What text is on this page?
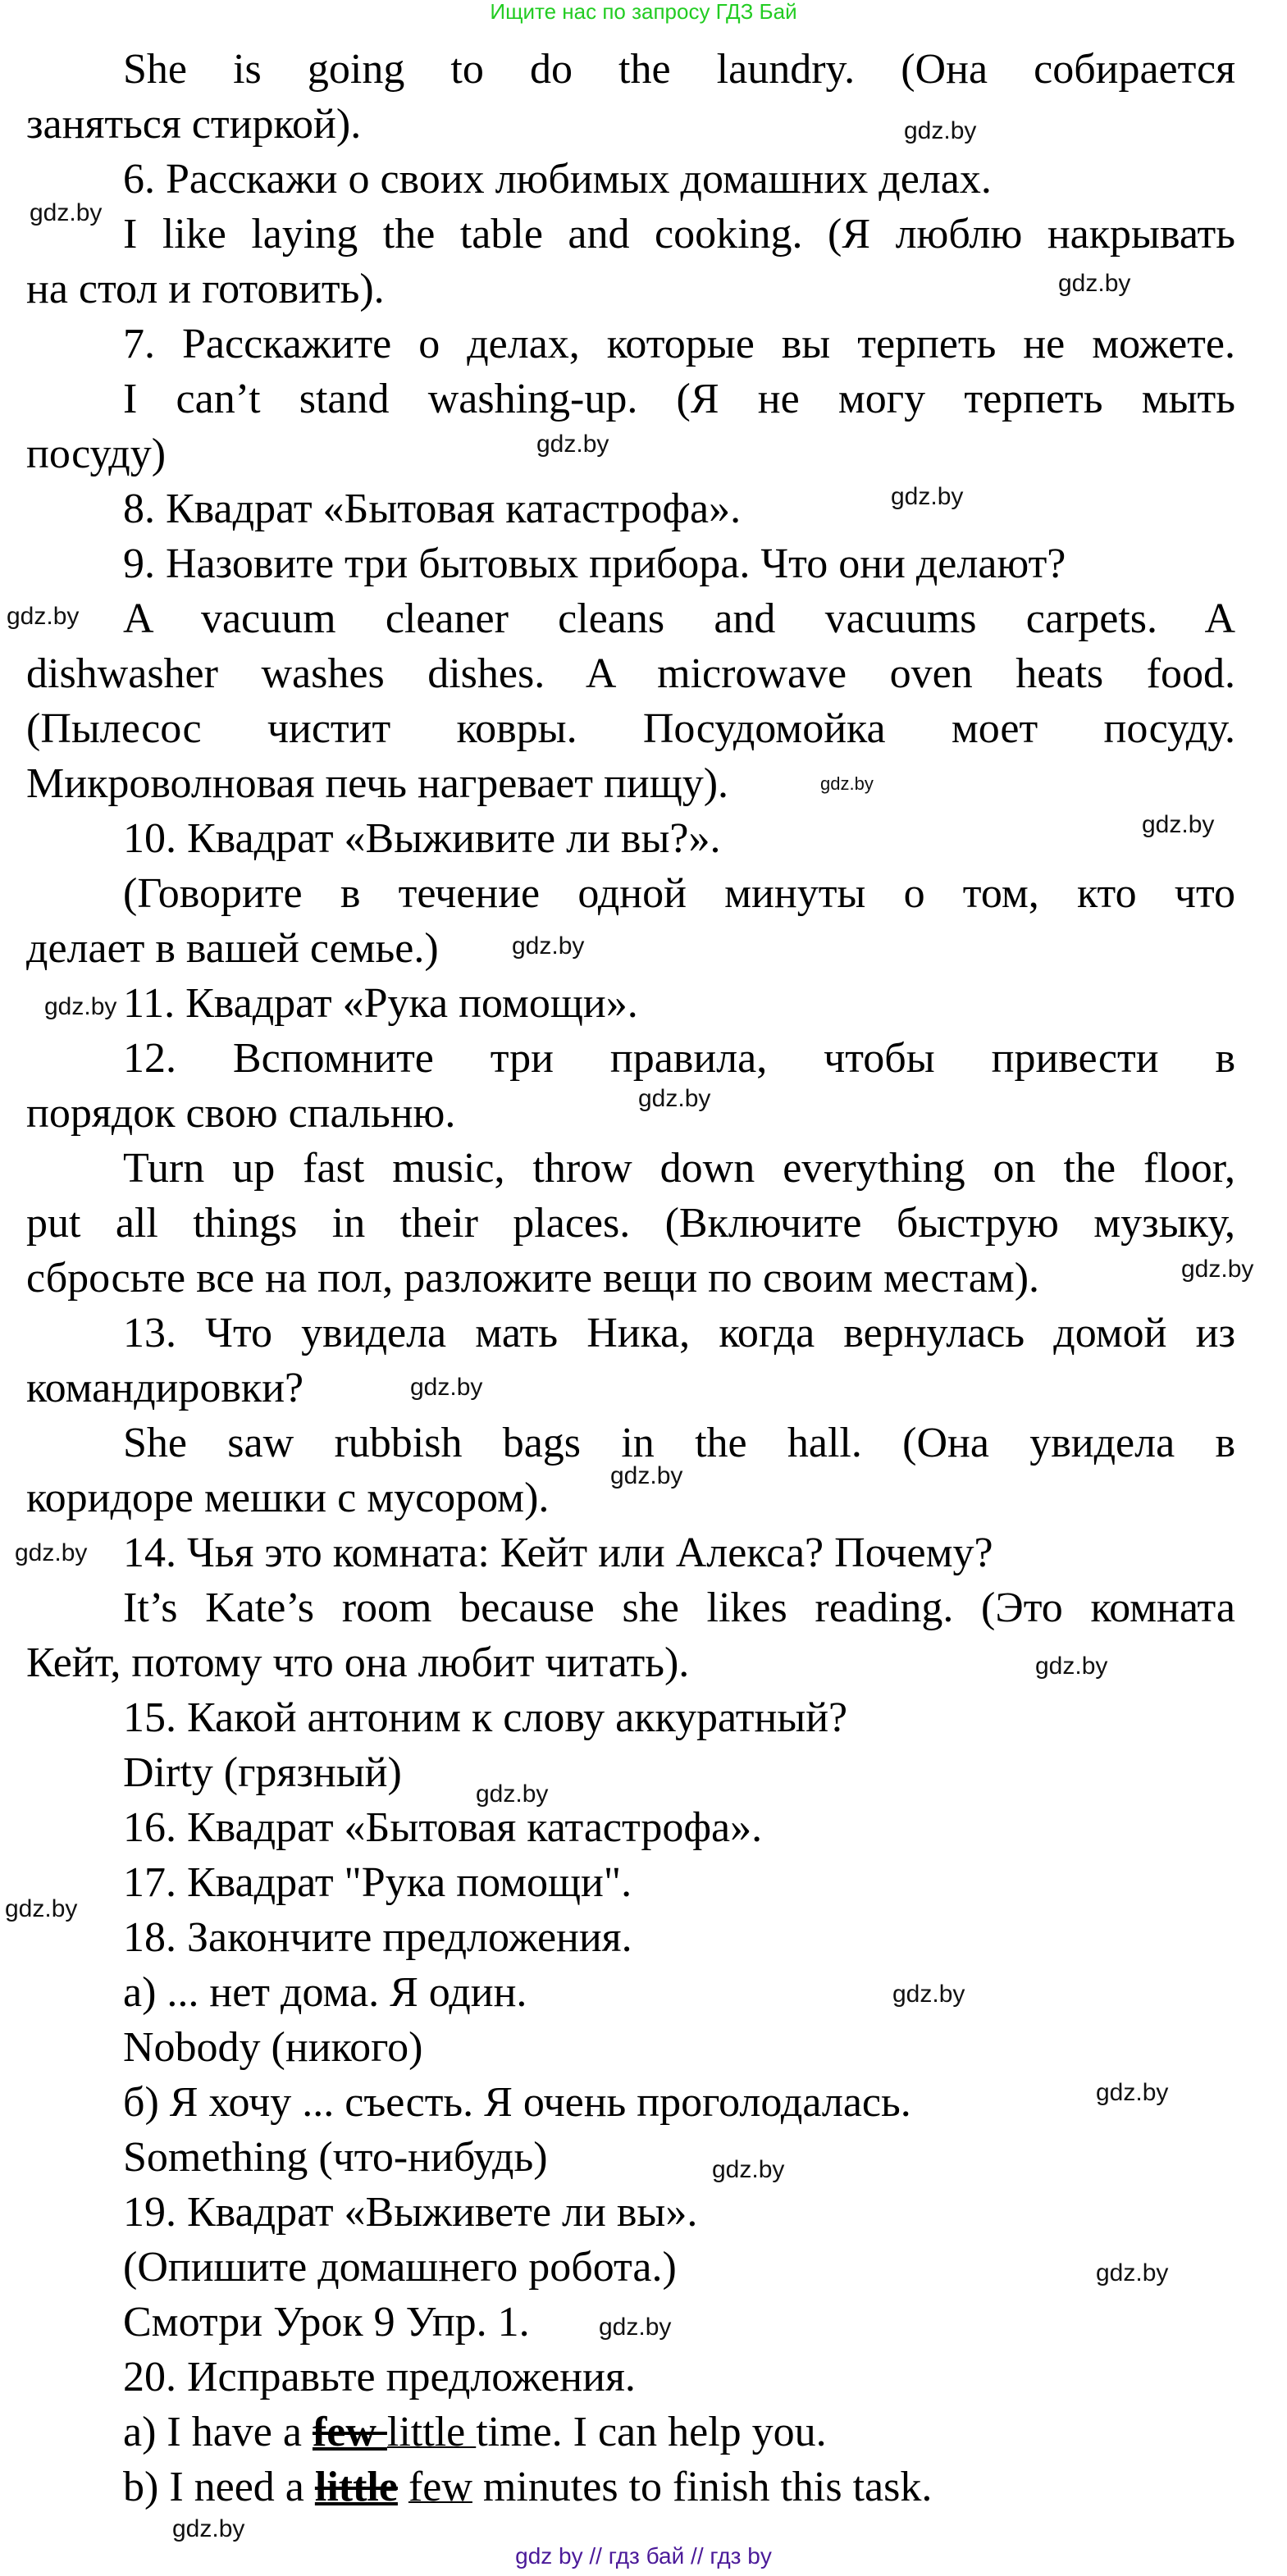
Ищите нас по запросу ГДЗ Бай
She is going to do the laundry. (Она собирается
заняться стиркой).
6. Расскажи о своих любимых домашних делах.
I like laying the table and cooking. (Я люблю накрывать
на стол и готовить).
7. Расскажите о делах, которые вы терпеть не можете.
I can’t stand washing-up. (Я не могу терпеть мыть
посуду)
8. Квадрат «Бытовая катастрофа».
9. Назовите три бытовых прибора. Что они делают?
A vacuum cleaner cleans and vacuums carpets. A
dishwasher washes dishes. A microwave oven heats food.
(Пылесос чистит ковры. Посудомойка моет посуду.
Микроволновая печь нагревает пищу).
10. Квадрат «Выживите ли вы?».
(Говорите в течение одной минуты о том, кто что
делает в вашей семье.)
11. Квадрат «Рука помощи».
12. Вспомните три правила, чтобы привести в
порядок свою спальню.
Turn up fast music, throw down everything on the floor,
put all things in their places. (Включите быструю музыку,
сбросьте все на пол, разложите вещи по своим местам).
13. Что увидела мать Ника, когда вернулась домой из
командировки?
She saw rubbish bags in the hall. (Она увидела в
коридоре мешки с мусором).
14. Чья это комната: Кейт или Алекса? Почему?
It’s Kate’s room because she likes reading. (Это комната
Кейт, потому что она любит читать).
15. Какой антоним к слову аккуратный?
Dirty (грязный)
16. Квадрат «Бытовая катастрофа».
17. Квадрат "Рука помощи".
18. Закончите предложения.
а) ... нет дома. Я один.
Nobody (никого)
б) Я хочу ... съесть. Я очень проголодалась.
Something (что-нибудь)
19. Квадрат «Выживете ли вы».
(Опишите домашнего робота.)
Смотри Урок 9 Упр. 1.
20. Исправьте предложения.
a) I have a few little time. I can help you.
b) I need a little few minutes to finish this task.
gdz.by
gdz.by
gdz.by
gdz.by
gdz.by
gdz.by
gdz.by
gdz.by
gdz.by
gdz.by
gdz.by
gdz.by
gdz.by
gdz.by
gdz.by
gdz.by
gdz.by
gdz.by
gdz.by
gdz.by
gdz.by
gdz.by
gdz.by
gdz.by
gdz by // гдз бай // гдз by
